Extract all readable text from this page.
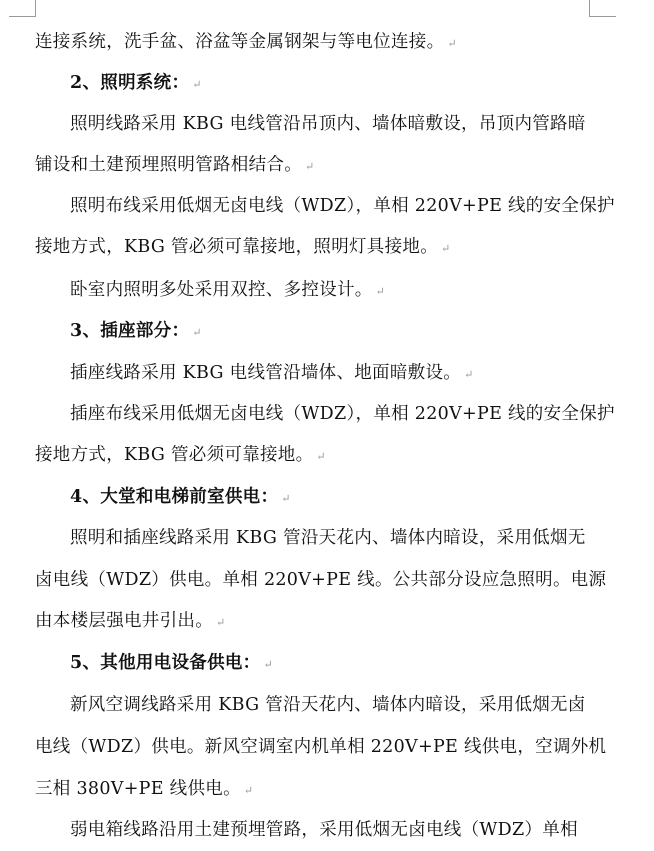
连接系统，洗手盆、浴盆等金属钢架与等电位连接。 ↵
2、照明系统： ↵
照明线路采用 KBG 电线管沿吊顶内、墙体暗敷设，吊顶内管路暗
铺设和土建预埋照明管路相结合。 ↵
照明布线采用低烟无卤电线（WDZ），单相 220V+PE 线的安全保护
接地方式，KBG 管必须可靠接地，照明灯具接地。 ↵
卧室内照明多处采用双控、多控设计。 ↵
3、插座部分： ↵
插座线路采用 KBG 电线管沿墙体、地面暗敷设。 ↵
插座布线采用低烟无卤电线（WDZ），单相 220V+PE 线的安全保护
接地方式，KBG 管必须可靠接地。 ↵
4、大堂和电梯前室供电： ↵
照明和插座线路采用 KBG 管沿天花内、墙体内暗设，采用低烟无
卤电线（WDZ）供电。单相 220V+PE 线。公共部分设应急照明。电源
由本楼层强电井引出。 ↵
5、其他用电设备供电： ↵
新风空调线路采用 KBG 管沿天花内、墙体内暗设，采用低烟无卤
电线（WDZ）供电。新风空调室内机单相 220V+PE 线供电，空调外机
三相 380V+PE 线供电。 ↵
弱电箱线路沿用土建预埋管路，采用低烟无卤电线（WDZ）单相
